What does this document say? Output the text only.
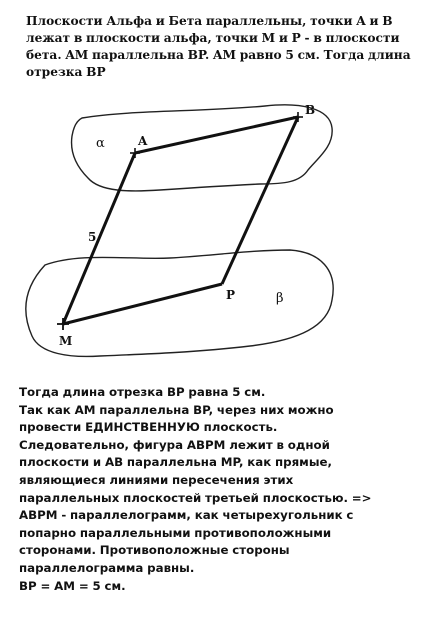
Плоскости Альфа и Бета параллельны, точки A и B
лежат в плоскости альфа, точки M и P - в плоскости
бета. AM параллельна BP. AM равно 5 см. Тогда длина
отрезка BP
A
B
M
P
α
β
5
Тогда длина отрезка BP равна 5 см.
Так как AM параллельна BP, через них можно
провести ЕДИНСТВЕННУЮ плоскость.
Следовательно, фигура ABPM лежит в одной
плоскости и AB параллельна MP, как прямые,
являющиеся линиями пересечения этих
параллельных плоскостей третьей плоскостью. =>
ABPM - параллелограмм, как четырехугольник с
попарно параллельными противоположными
сторонами. Противоположные стороны
параллелограмма равны.
BP = AM = 5 см.
